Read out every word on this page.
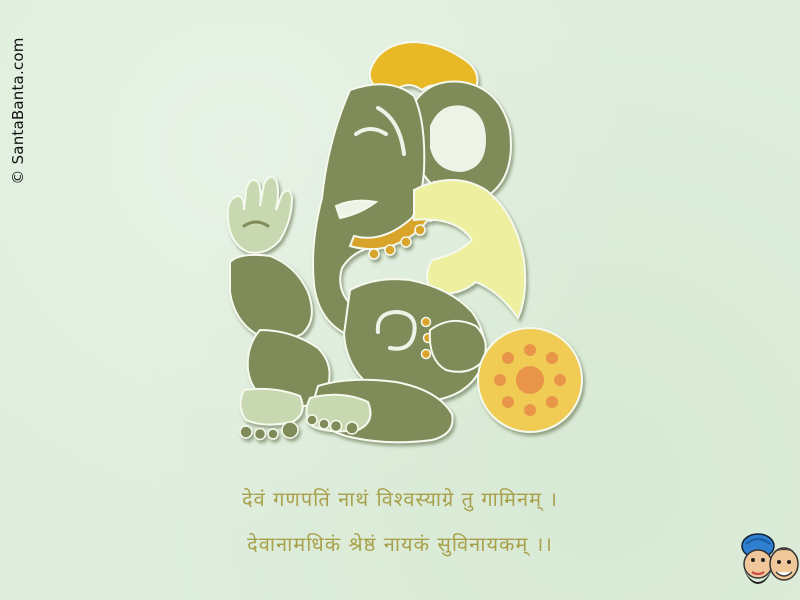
© SantaBanta.com
देवं गणपतिं नाथं विश्वस्याग्रे तु गामिनम् ।
देवानामधिकं श्रेष्ठं नायकं सुविनायकम् ।।
